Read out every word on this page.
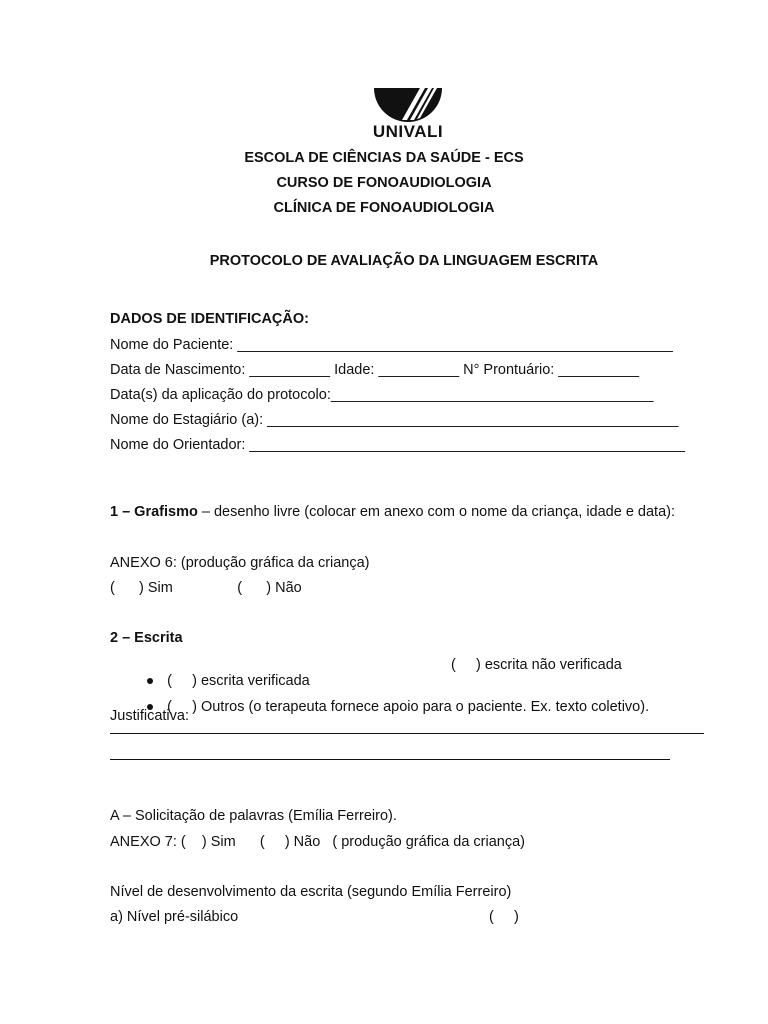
UNIVALI
ESCOLA DE CIÊNCIAS DA SAÚDE - ECS
CURSO DE FONOAUDIOLOGIA
CLÍNICA DE FONOAUDIOLOGIA
PROTOCOLO DE AVALIAÇÃO DA LINGUAGEM ESCRITA
DADOS DE IDENTIFICAÇÃO:
Nome do Paciente: ______________________________________________________
Data de Nascimento: __________ Idade: __________ N° Prontuário: __________
Data(s) da aplicação do protocolo:________________________________________
Nome do Estagiário (a): ___________________________________________________
Nome do Orientador: ______________________________________________________
1 – Grafismo – desenho livre (colocar em anexo com o nome da criança, idade e data):
ANEXO 6: (produção gráfica da criança)
(      ) Sim                (      ) Não
2 – Escrita

(     ) escrita verificada

(     ) escrita não verificada

(     ) Outros (o terapeuta fornece apoio para o paciente. Ex. texto coletivo).

Justificativa:
A – Solicitação de palavras (Emília Ferreiro).
ANEXO 7: (    ) Sim      (     ) Não   ( produção gráfica da criança)
Nível de desenvolvimento da escrita (segundo Emília Ferreiro)
a) Nível pré-silábico	(     )
